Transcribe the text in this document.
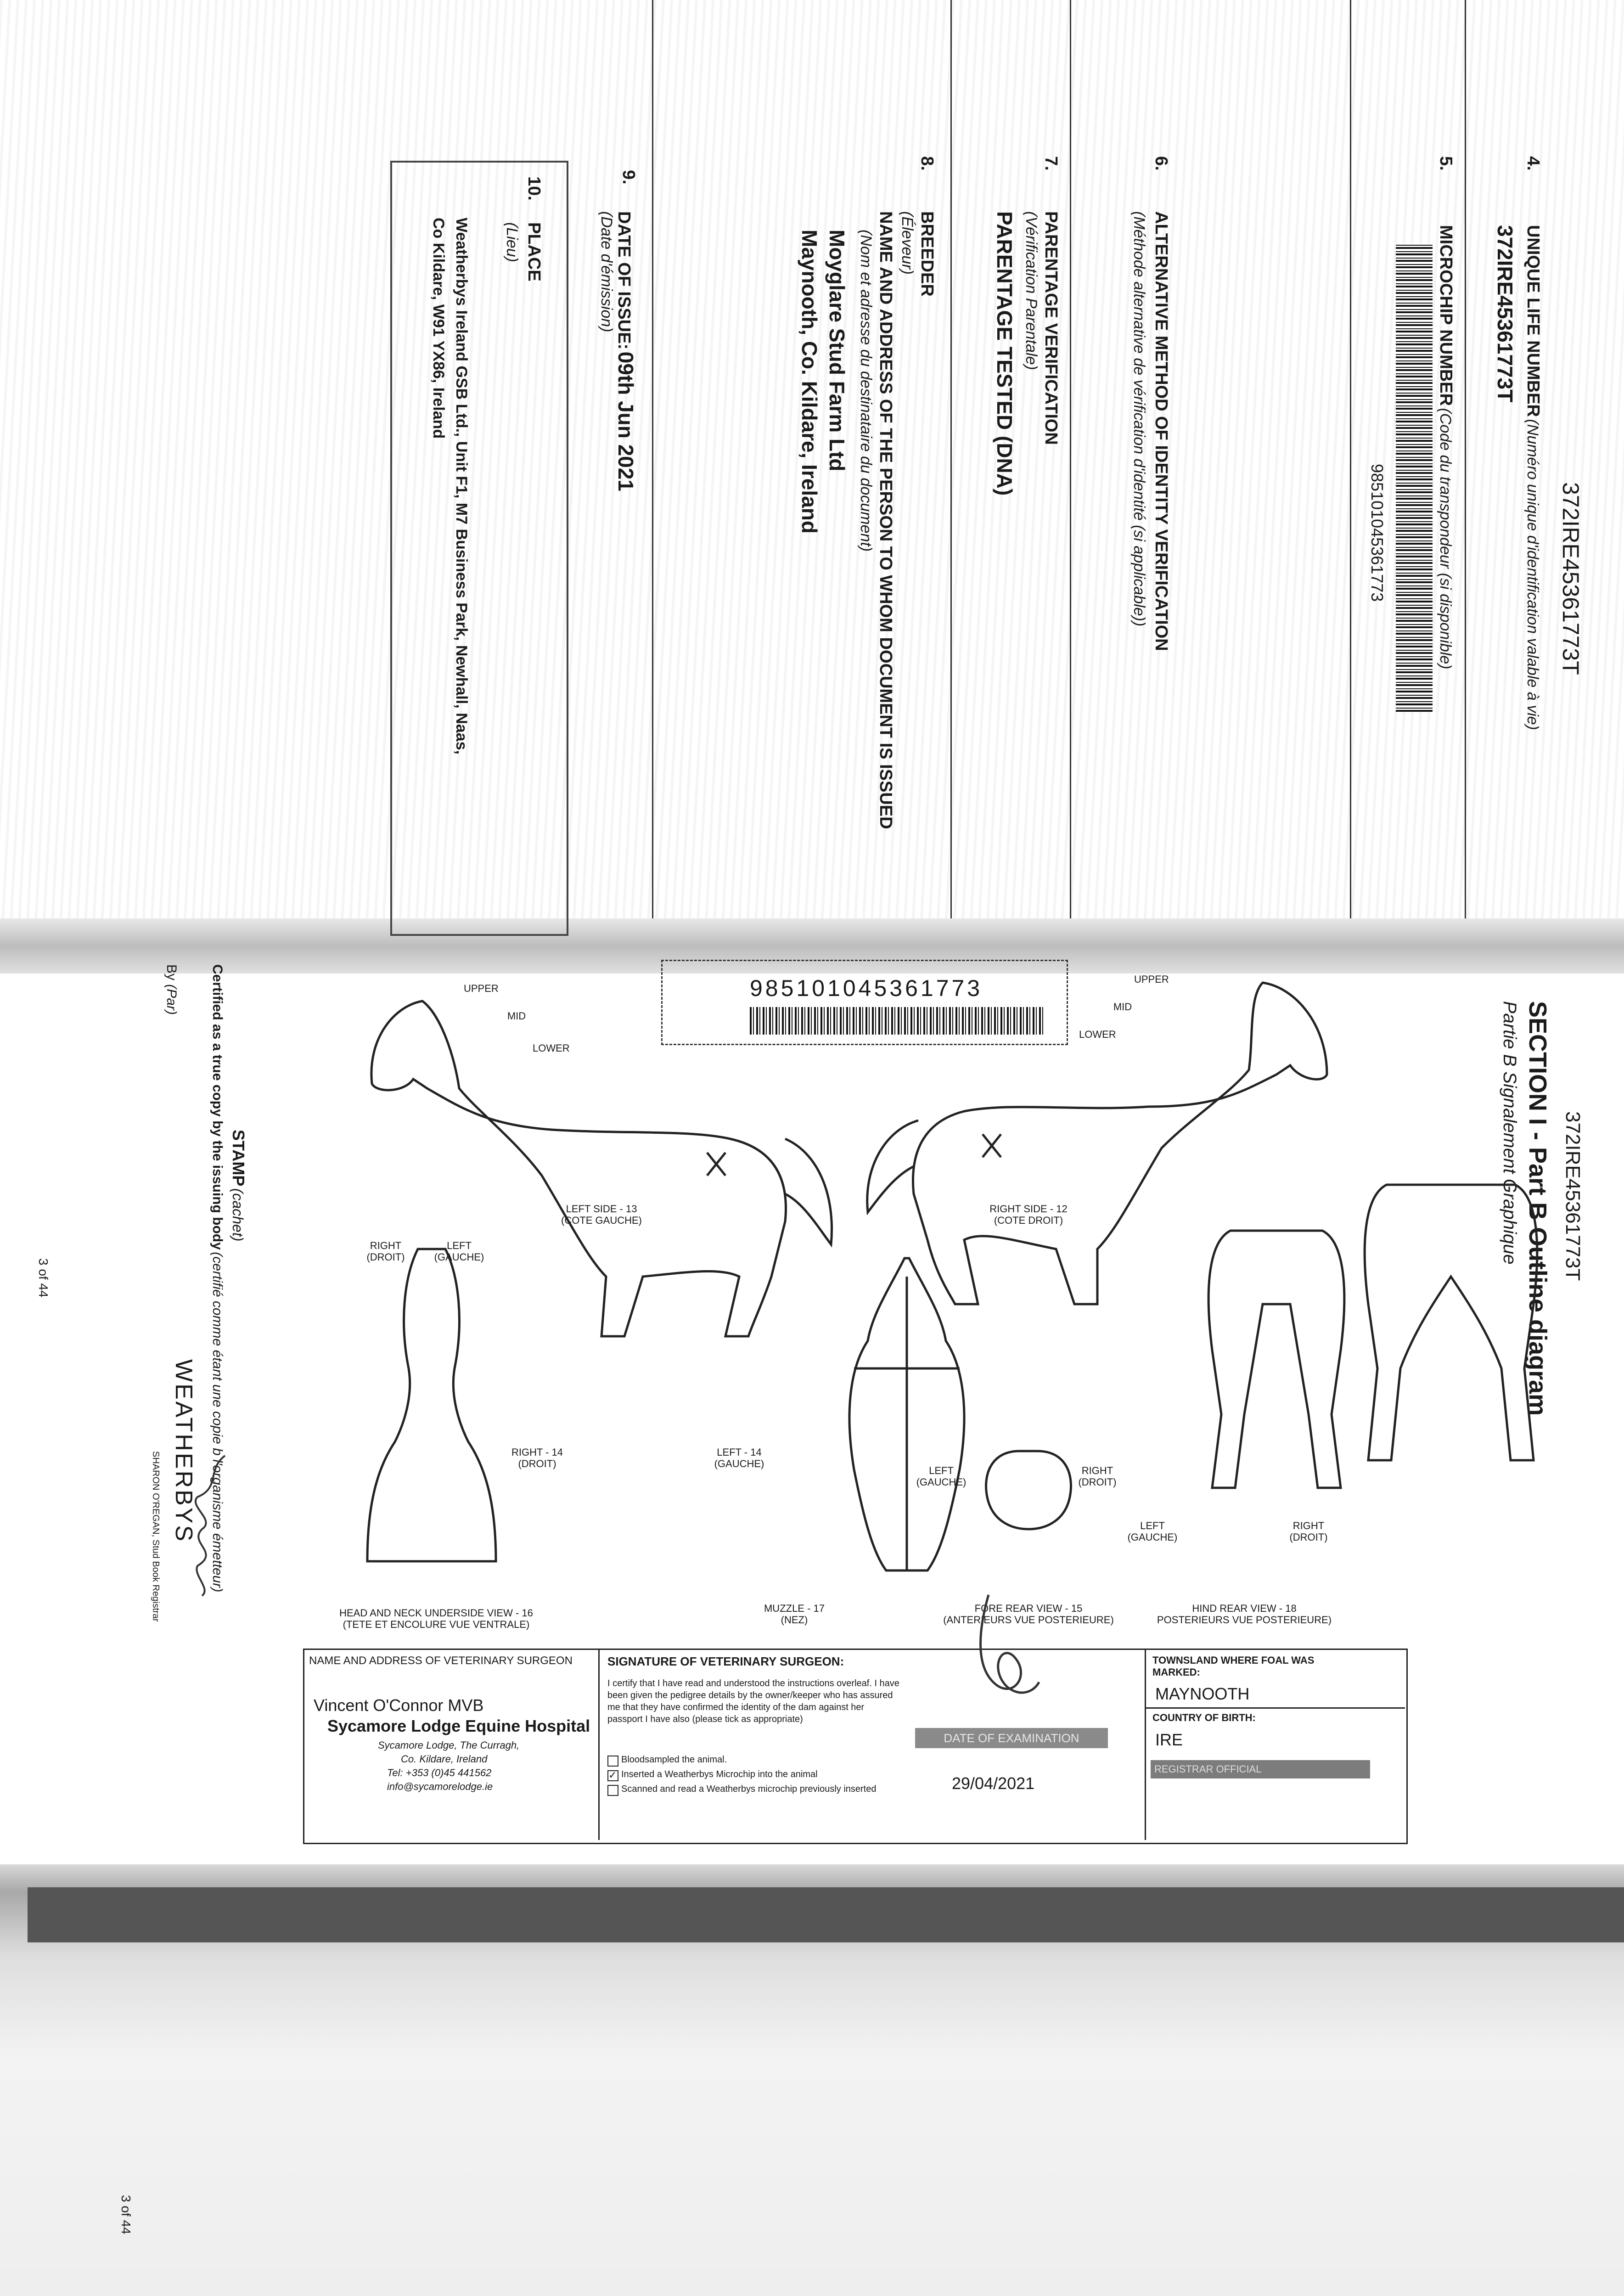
372IRE45361773T
4.
UNIQUE LIFE NUMBER (Numéro unique d'identification valable à vie)
372IRE45361773T
5.
MICROCHIP NUMBER (Code du transpondeur (si disponible)
985101045361773
6.
ALTERNATIVE METHOD OF IDENTITY VERIFICATION
(Méthode alternative de vérification d'identité (si applicable))
7.
PARENTAGE VERIFICATION
(Vérification Parentale)
PARENTAGE TESTED (DNA)
8.
BREEDER
(Éleveur)
NAME AND ADDRESS OF THE PERSON TO WHOM DOCUMENT IS ISSUED
(Nom et adresse du destinataire du document)
Moyglare Stud Farm Ltd
Maynooth, Co. Kildare, Ireland
9.
DATE OF ISSUE: 09th Jun 2021
(Date d'émission)
10.
PLACE
(Lieu)
Weatherbys Ireland GSB Ltd., Unit F1, M7 Business Park, Newhall, Naas,
Co Kildare, W91 YX86, Ireland
372IRE45361773T
SECTION I - Part B Outline diagram
Partie B Signalement Graphique
985101045361773
LEFT SIDE - 13
(COTE GAUCHE)
RIGHT SIDE - 12
(COTE DROIT)
RIGHT - 14
(DROIT)
LEFT - 14
(GAUCHE)
MUZZLE - 17
(NEZ)
FORE REAR VIEW - 15
(ANTERIEURS VUE POSTERIEURE)
HIND REAR VIEW - 18
POSTERIEURS VUE POSTERIEURE)
HEAD AND NECK UNDERSIDE VIEW - 16
(TETE ET ENCOLURE VUE VENTRALE)
RIGHT
(DROIT)
LEFT
(GAUCHE)
LEFT
(GAUCHE)
RIGHT
(DROIT)
LEFT
(GAUCHE)
RIGHT
(DROIT)
UPPER
MID
LOWER
UPPER
MID
LOWER
STAMP (cachet)
Certified as a true copy by the issuing body (certifié comme étant une copie b l'organisme émetteur)
By (Par)
WEATHERBYS
SHARON O'REGAN, Stud Book Registrar
3 of 44
3 of 44
NAME AND ADDRESS OF VETERINARY SURGEON
Vincent O'Connor MVB
Sycamore Lodge Equine Hospital
Sycamore Lodge, The Curragh,
Co. Kildare, Ireland
Tel: +353 (0)45 441562
info@sycamorelodge.ie
SIGNATURE OF VETERINARY SURGEON:
I certify that I have read and understood the instructions overleaf. I have been given the pedigree details by the owner/keeper who has assured me that they have confirmed the identity of the dam against her passport I have also (please tick as appropriate)
Bloodsampled the animal.
✓ Inserted a Weatherbys Microchip into the animal
Scanned and read a Weatherbys microchip previously inserted
DATE OF EXAMINATION
29/04/2021
TOWNSLAND WHERE FOAL WAS MARKED:
MAYNOOTH
COUNTRY OF BIRTH:
IRE
REGISTRAR OFFICIAL
